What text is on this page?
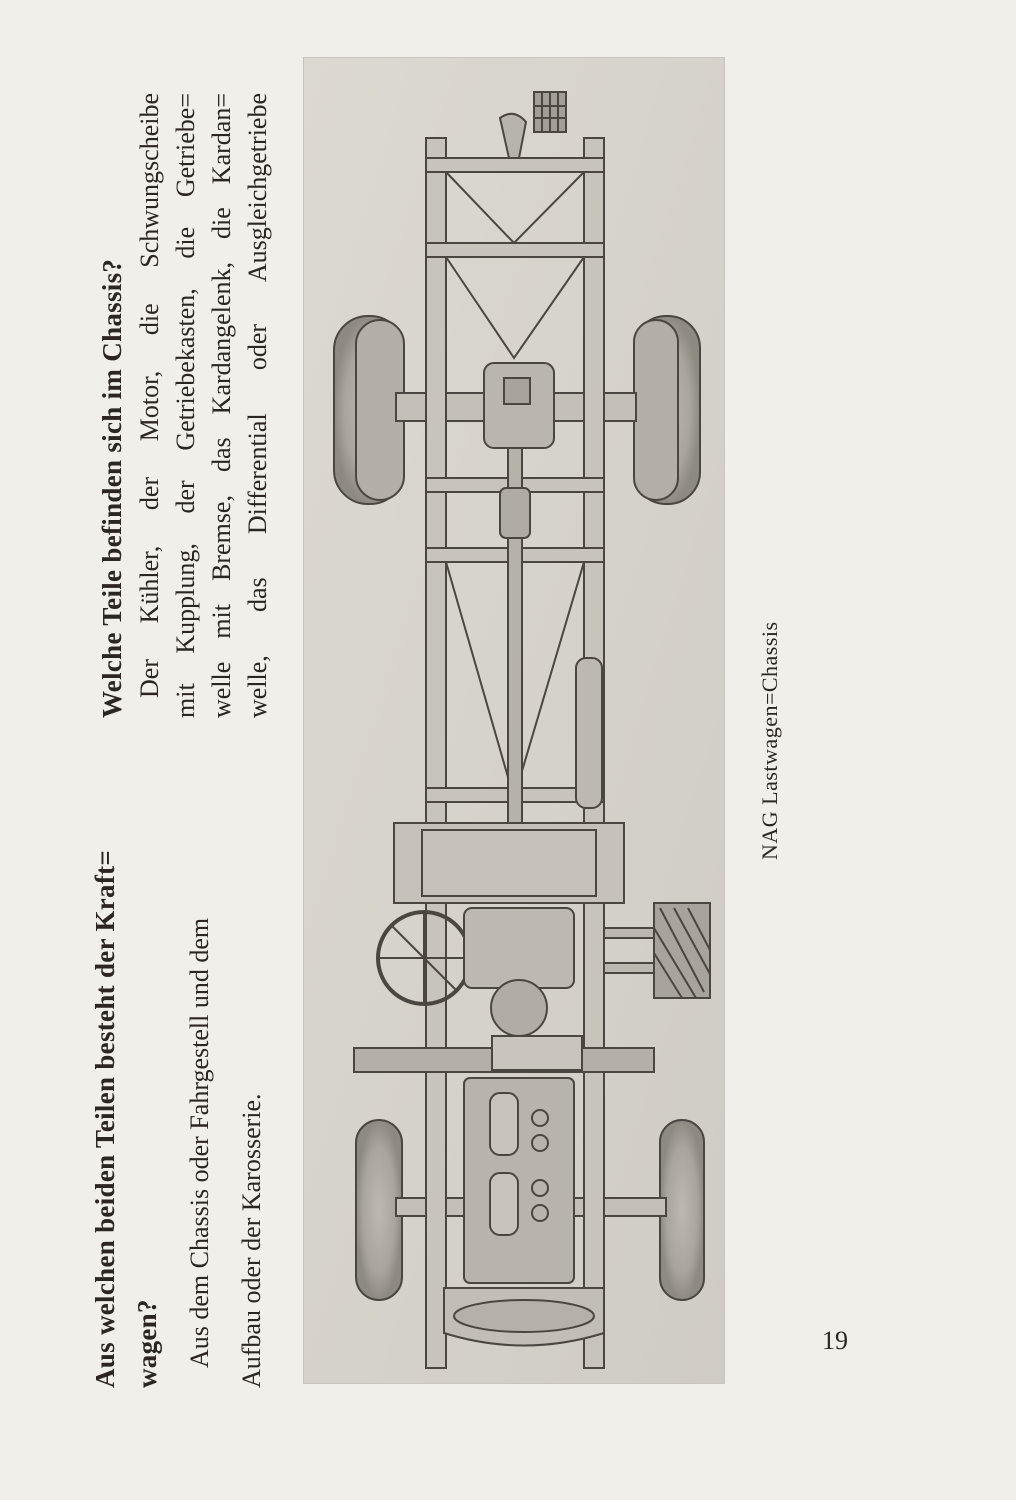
Aus welchen beiden Teilen besteht der Kraft= wagen? Aus dem Chassis oder Fahrgestell und dem Aufbau oder der Karosserie.

Welche Teile befinden sich im Chassis? Der Kühler, der Motor, die Schwungscheibe mit Kupplung, der Getriebekasten, die Getriebe= welle mit Bremse, das Kardangelenk, die Kardan= welle, das Differential oder Ausgleichgetriebe

NAG Lastwagen=Chassis

19
